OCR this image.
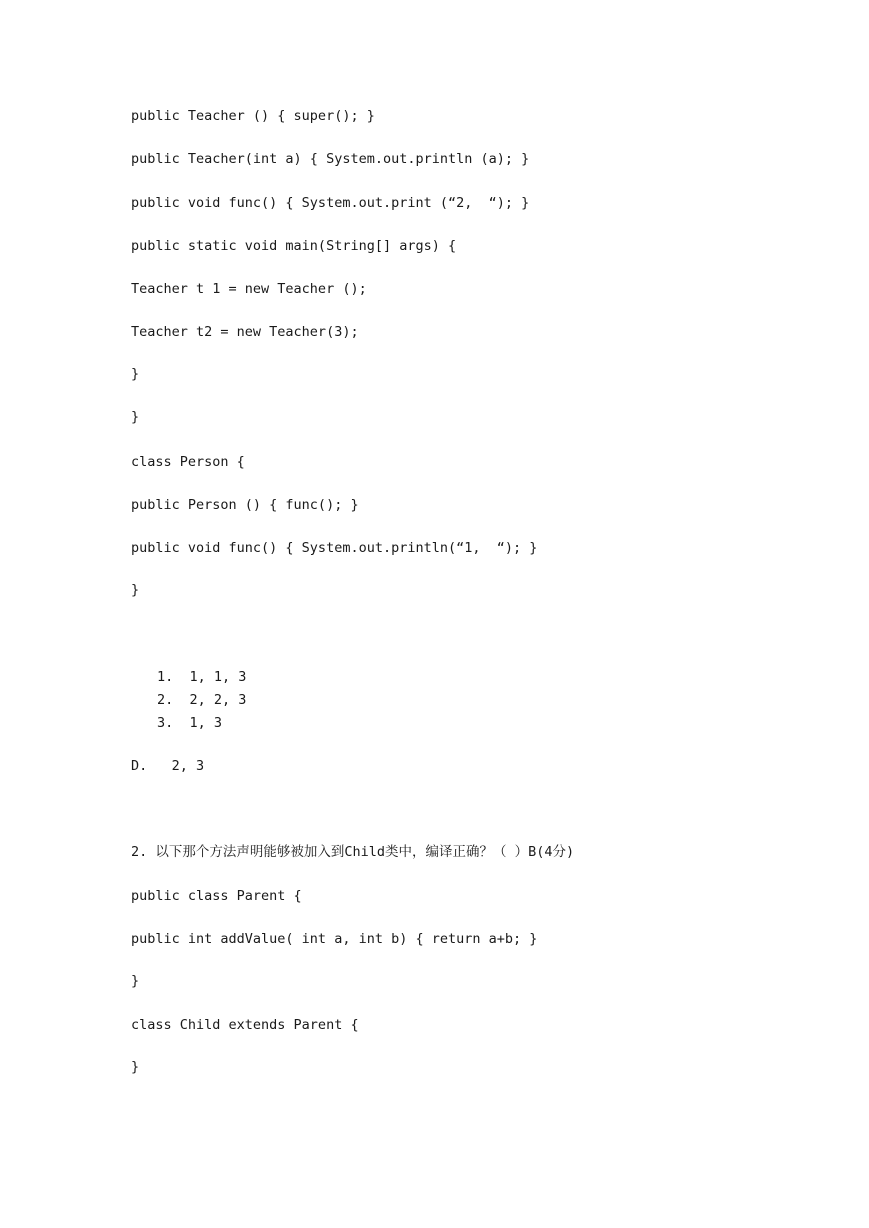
public Teacher () { super(); }
public Teacher(int a) { System.out.println (a); }
public void func() { System.out.print (“2,  “); }
public static void main(String[] args) {
Teacher t 1 = new Teacher ();
Teacher t2 = new Teacher(3);
}
}
class Person {
public Person () { func(); }
public void func() { System.out.println(“1,  “); }
}
1.  1, 1, 3
2.  2, 2, 3
3.  1, 3
D.   2, 3
2. 以下那个方法声明能够被加入到Child类中，编译正确？（ ）B(4分)
public class Parent {
public int addValue( int a, int b) { return a+b; }
}
class Child extends Parent {
}
